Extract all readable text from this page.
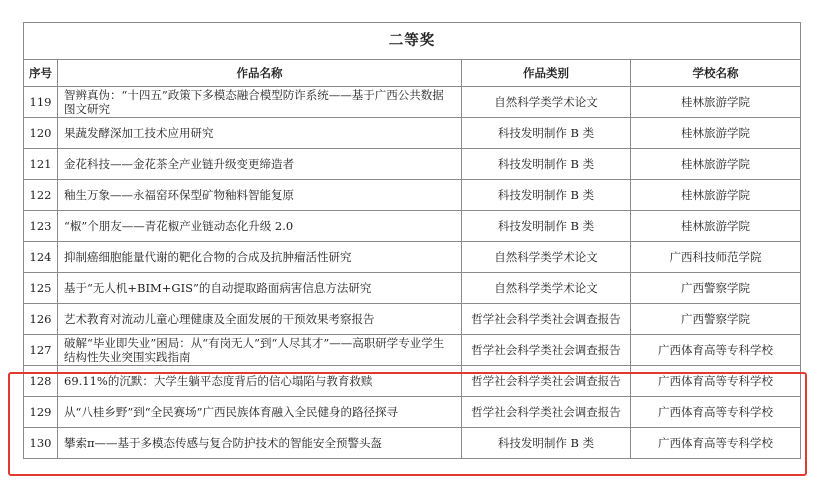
二等奖			
序号	作品名称	作品类别	学校名称
119	智辨真伪：“十四五”政策下多模态融合模型防诈系统——基于广西公共数据图文研究	自然科学类学术论文	桂林旅游学院
120	果蔬发酵深加工技术应用研究	科技发明制作 B 类	桂林旅游学院
121	金花科技——金花茶全产业链升级变更缔造者	科技发明制作 B 类	桂林旅游学院
122	釉生万象——永福窑环保型矿物釉料智能复原	科技发明制作 B 类	桂林旅游学院
123	“椒”个朋友——青花椒产业链动态化升级 2.0	科技发明制作 B 类	桂林旅游学院
124	抑制癌细胞能量代谢的靶化合物的合成及抗肿瘤活性研究	自然科学类学术论文	广西科技师范学院
125	基于“无人机+BIM+GIS”的自动提取路面病害信息方法研究	自然科学类学术论文	广西警察学院
126	艺术教育对流动儿童心理健康及全面发展的干预效果考察报告	哲学社会科学类社会调查报告	广西警察学院
127	破解“毕业即失业”困局：从“有岗无人”到“人尽其才”——高职研学专业学生结构性失业突围实践指南	哲学社会科学类社会调查报告	广西体育高等专科学校
128	69.11%的沉默：大学生躺平态度背后的信心塌陷与教育救赎	哲学社会科学类社会调查报告	广西体育高等专科学校
129	从“八桂乡野”到“全民赛场”广西民族体育融入全民健身的路径探寻	哲学社会科学类社会调查报告	广西体育高等专科学校
130	攀索π——基于多模态传感与复合防护技术的智能安全预警头盔	科技发明制作 B 类	广西体育高等专科学校
